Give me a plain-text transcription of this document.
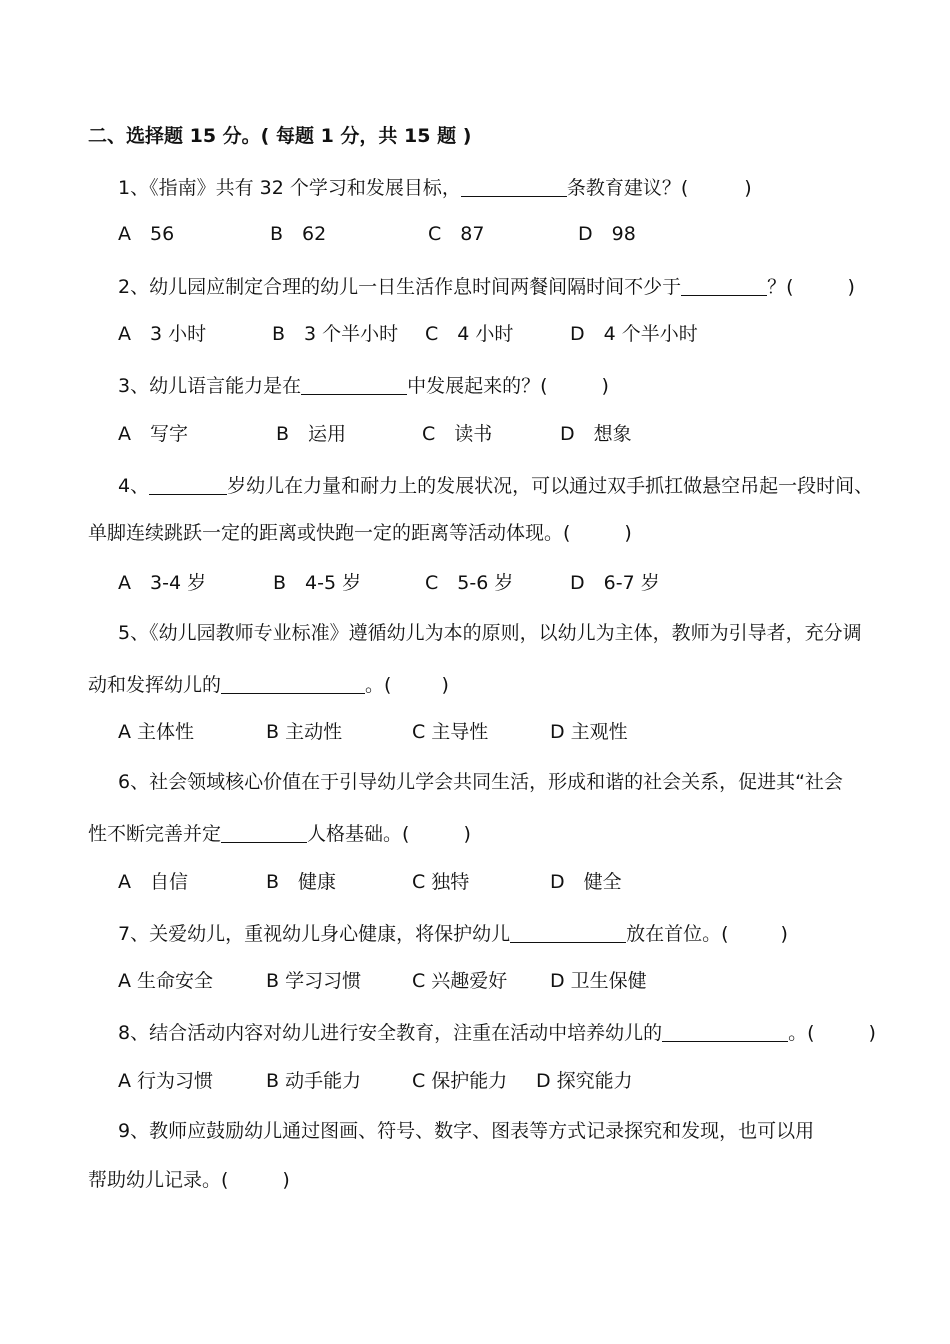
二、选择题 15 分。( 每题 1 分，共 15 题 )
1、《指南》共有 32 个学习和发展目标，	条教育建议？(	)
A　56	B　62	C　87	D　98
2、幼儿园应制定合理的幼儿一日生活作息时间两餐间隔时间不少于	？(	)
A　3 小时	B　3 个半小时 C　4 小时	D　4 个半小时
3、幼儿语言能力是在	中发展起来的？(	)
A　写字	B　运用	C　读书	D　想象
4、	岁幼儿在力量和耐力上的发展状况，可以通过双手抓扛做悬空吊起一段时间、
单脚连续跳跃一定的距离或快跑一定的距离等活动体现。(	)
A　3-4 岁	B　4-5 岁	C　5-6 岁	D　6-7 岁
5、《幼儿园教师专业标准》遵循幼儿为本的原则，以幼儿为主体，教师为引导者，充分调
动和发挥幼儿的	。(	)
A 主体性	B 主动性	C 主导性	D 主观性
6、社会领域核心价值在于引导幼儿学会共同生活，形成和谐的社会关系，促进其“社会
性不断完善并定	人格基础。(	)
A　自信	B　健康	C 独特	D　健全
7、关爱幼儿，重视幼儿身心健康，将保护幼儿	放在首位。(	)
A 生命安全	B 学习习惯	C 兴趣爱好 D 卫生保健
8、结合活动内容对幼儿进行安全教育，注重在活动中培养幼儿的	。(	)
A 行为习惯	B 动手能力	C 保护能力 D 探究能力
9、教师应鼓励幼儿通过图画、符号、数字、图表等方式记录探究和发现，也可以用
帮助幼儿记录。(	)
